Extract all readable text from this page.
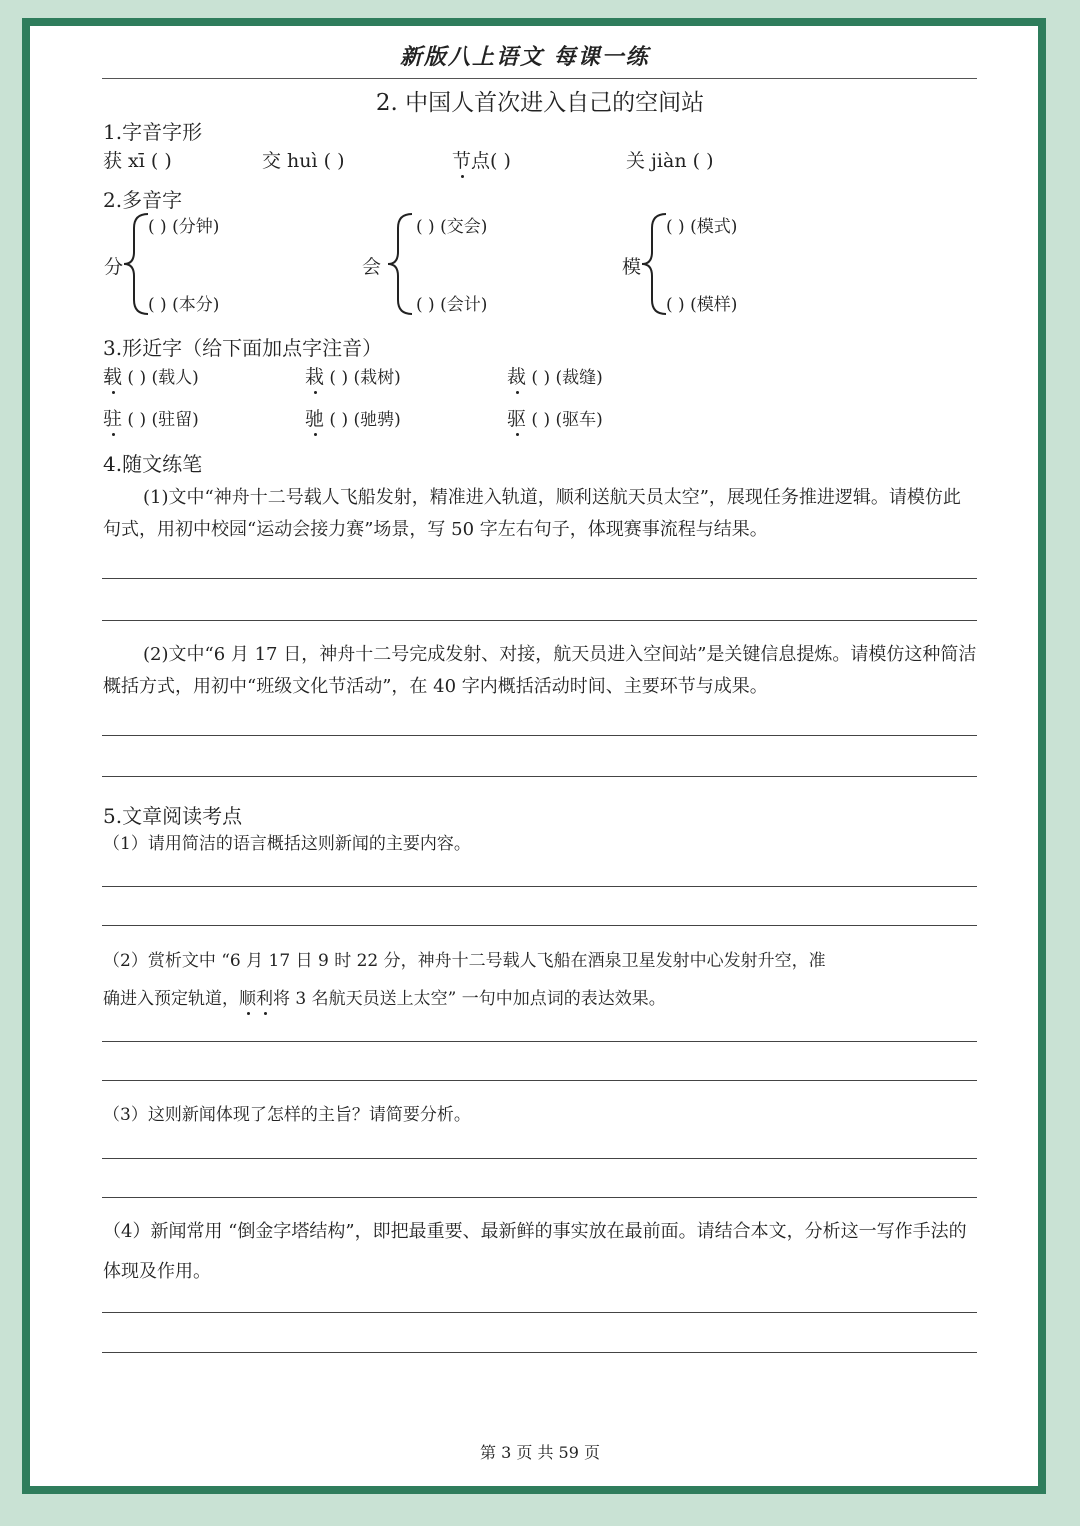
新版八上语文 每课一练
2. 中国人首次进入自己的空间站
1.字音字形
获 xī ( )	交 huì ( )	节点( )	关 jiàn ( )
2.多音字
分
( ) (分钟)
( ) (本分)
会
( ) (交会)
( ) (会计)
模
( ) (模式)
( ) (模样)
3.形近字（给下面加点字注音）
载 ( ) (载人)	栽 ( ) (栽树)	裁 ( ) (裁缝)
驻 ( ) (驻留)	驰 ( ) (驰骋)	驱 ( ) (驱车)
4.随文练笔
(1)文中“神舟十二号载人飞船发射，精准进入轨道，顺利送航天员太空”，展现任务推进逻辑。请模仿此句式，用初中校园“运动会接力赛”场景，写 50 字左右句子，体现赛事流程与结果。
(2)文中“6 月 17 日，神舟十二号完成发射、对接，航天员进入空间站”是关键信息提炼。请模仿这种简洁概括方式，用初中“班级文化节活动”，在 40 字内概括活动时间、主要环节与成果。
5.文章阅读考点
（1）请用简洁的语言概括这则新闻的主要内容。
（2）赏析文中 “6 月 17 日 9 时 22 分，神舟十二号载人飞船在酒泉卫星发射中心发射升空，准
确进入预定轨道，顺利将 3 名航天员送上太空” 一句中加点词的表达效果。
（3）这则新闻体现了怎样的主旨？请简要分析。
（4）新闻常用 “倒金字塔结构”，即把最重要、最新鲜的事实放在最前面。请结合本文，分析这一写作手法的体现及作用。
第 3 页 共 59 页
